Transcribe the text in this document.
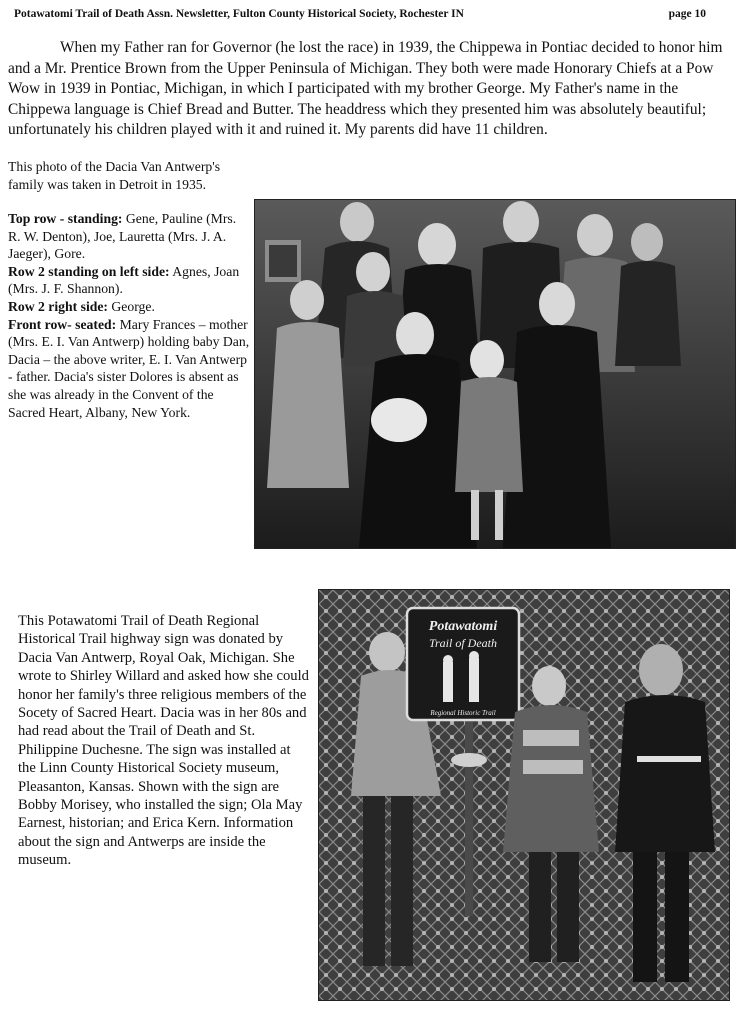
Potawatomi Trail of Death Assn. Newsletter, Fulton County Historical Society, Rochester IN	page 10

When my Father ran for Governor (he lost the race) in 1939, the Chippewa in Pontiac decided to honor him and a Mr. Prentice Brown from the Upper Peninsula of Michigan. They both were made Honorary Chiefs at a Pow Wow in 1939 in Pontiac, Michigan, in which I participated with my brother George. My Father's name in the Chippewa language is Chief Bread and Butter. The headdress which they presented him was absolutely beautiful; unfortunately his children played with it and ruined it. My parents did have 11 children.

This photo of the Dacia Van Antwerp's family was taken in Detroit in 1935.

Top row - standing: Gene, Pauline (Mrs. R. W. Denton), Joe, Lauretta (Mrs. J. A. Jaeger), Gore.
Row 2 standing on left side: Agnes, Joan (Mrs. J. F. Shannon).
Row 2 right side: George.
Front row- seated: Mary Frances – mother (Mrs. E. I. Van Antwerp) holding baby Dan, Dacia – the above writer, E. I. Van Antwerp - father. Dacia's sister Dolores is absent as she was already in the Convent of the Sacred Heart, Albany, New York.

This Potawatomi Trail of Death Regional Historical Trail highway sign was donated by Dacia Van Antwerp, Royal Oak, Michigan. She wrote to Shirley Willard and asked how she could honor her family's three religious members of the Socety of Sacred Heart. Dacia was in her 80s and had read about the Trail of Death and St. Philippine Duchesne. The sign was installed at the Linn County Historical Society museum, Pleasanton, Kansas. Shown with the sign are Bobby Morisey, who installed the sign; Ola May Earnest, historian; and Erica Kern. Information about the sign and Antwerps are inside the museum.

Potawatomi
Trail of Death
Regional Historic Trail
